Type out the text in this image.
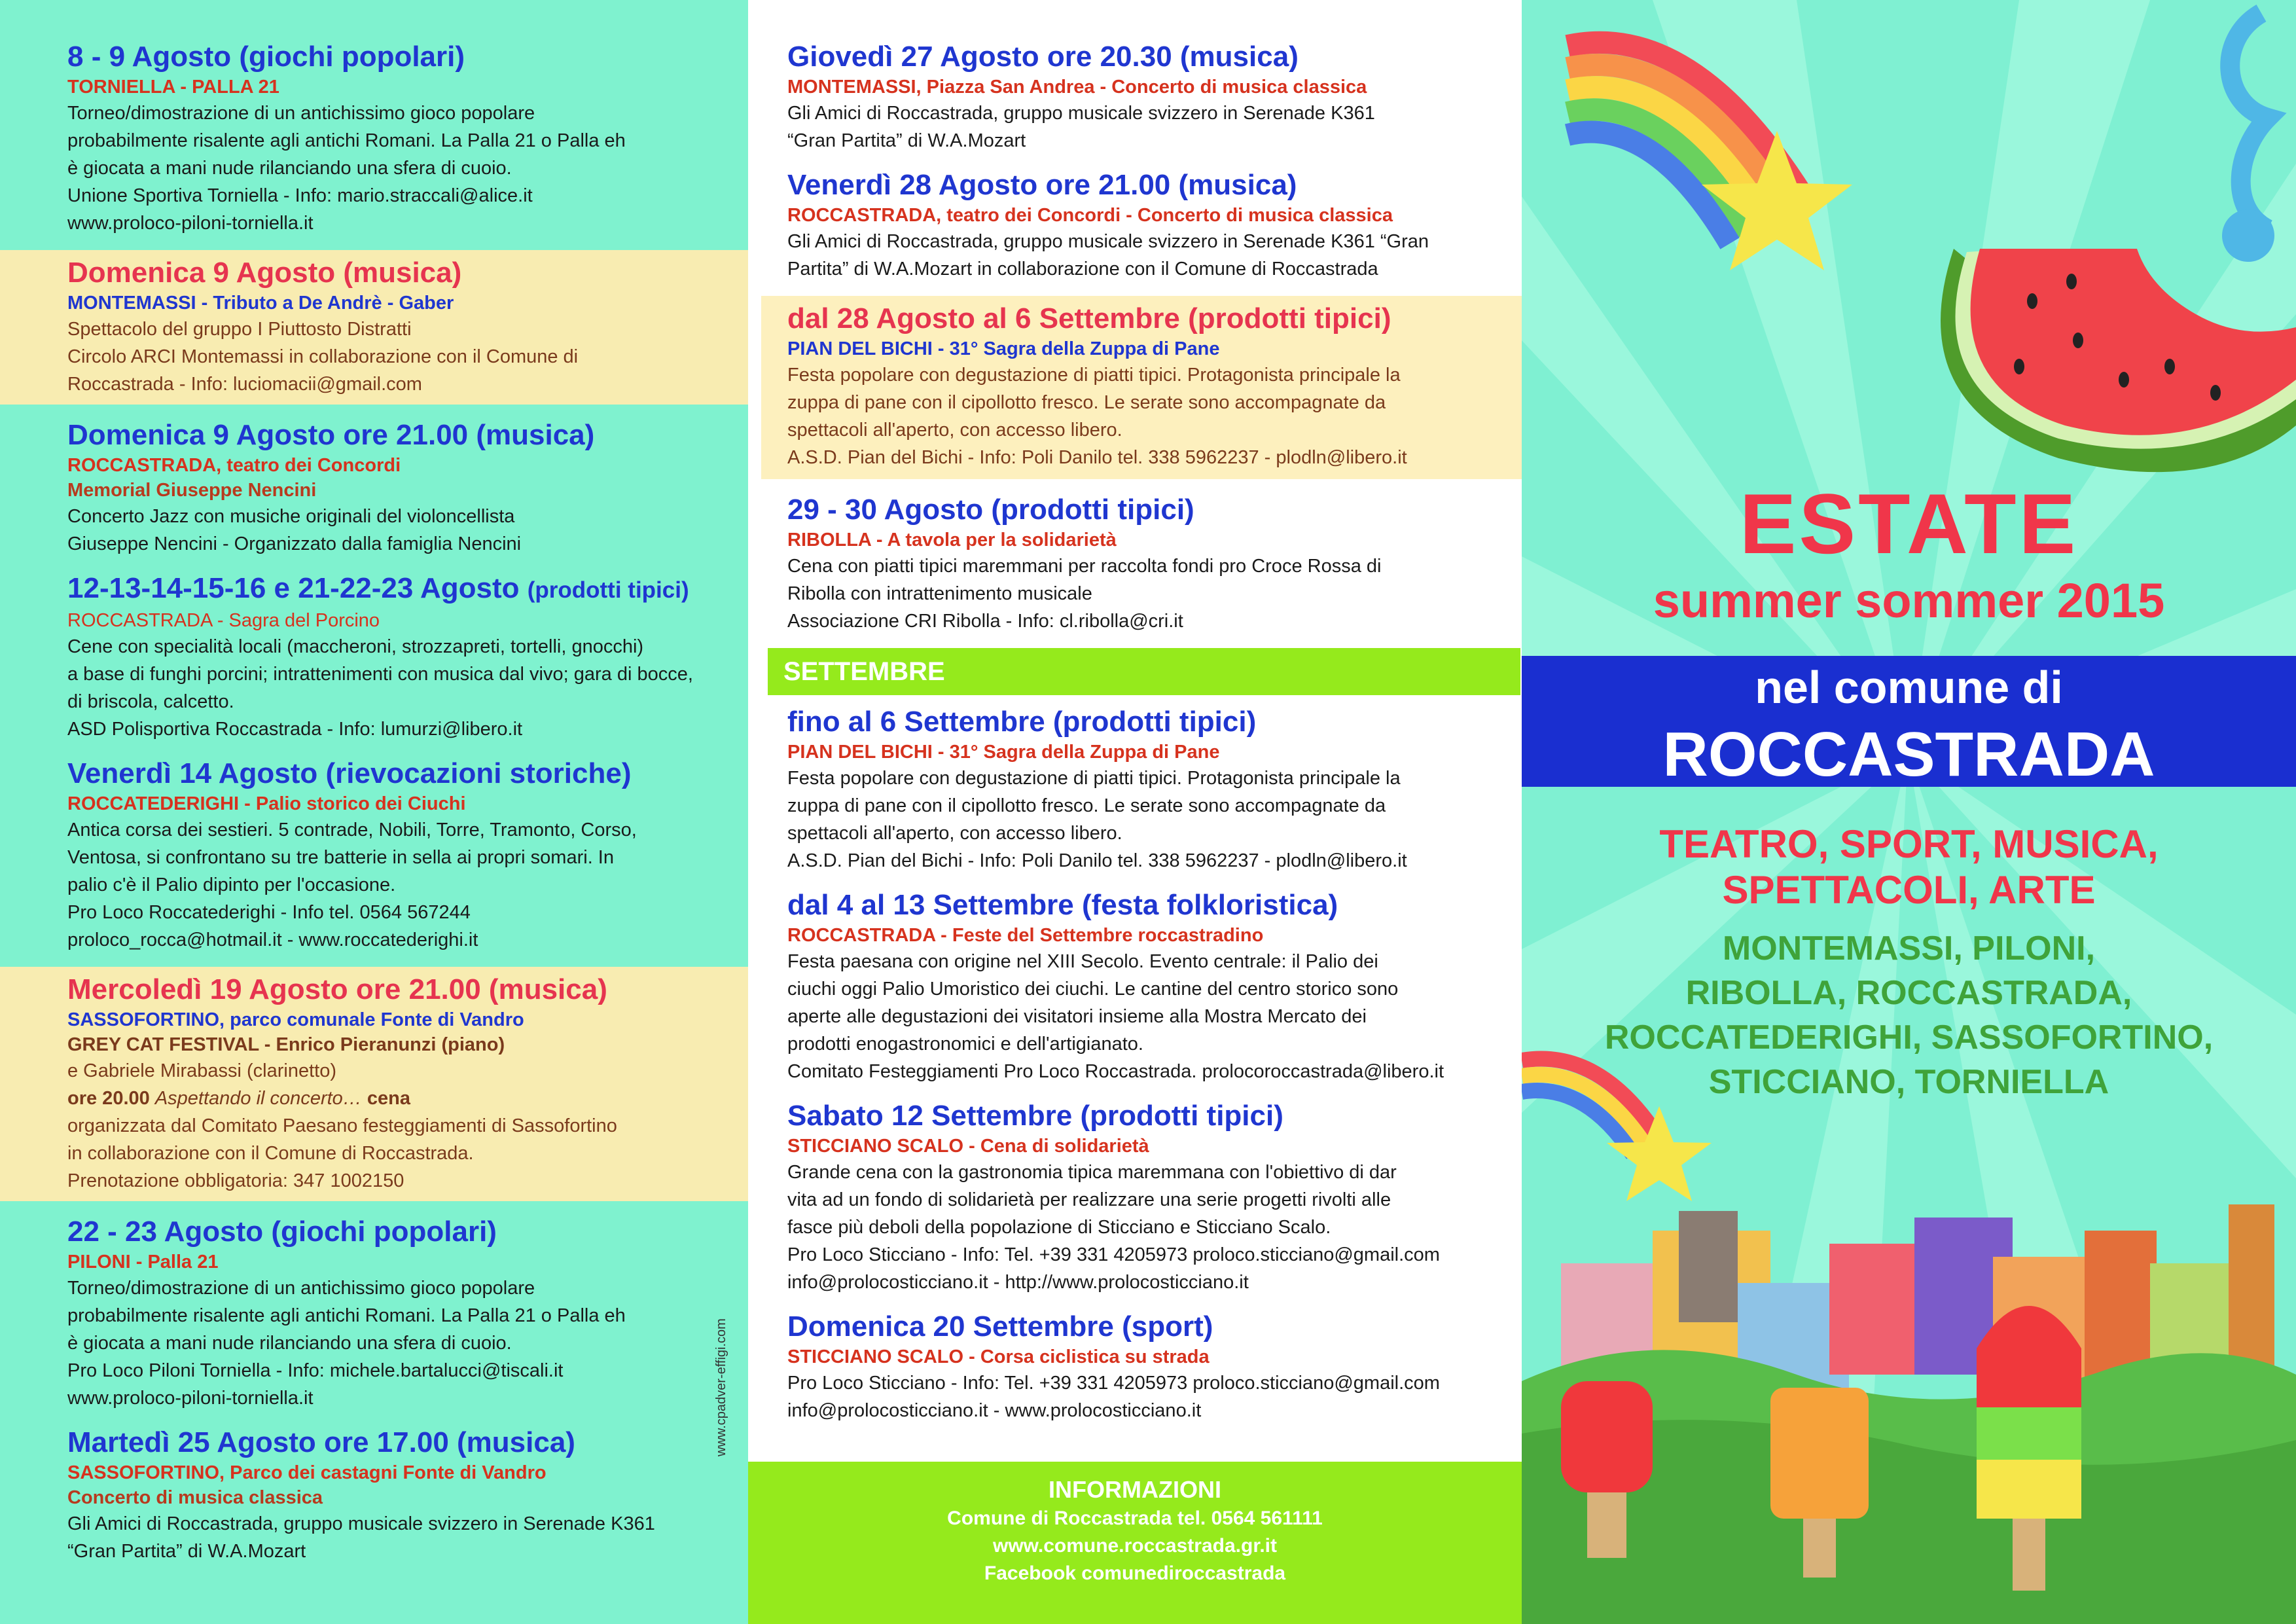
8 - 9 Agosto (giochi popolari)
TORNIELLA - PALLA 21
Torneo/dimostrazione di un antichissimo gioco popolare
probabilmente risalente agli antichi Romani. La Palla 21 o Palla eh
è giocata a mani nude rilanciando una sfera di cuoio.
Unione Sportiva Torniella - Info: mario.straccali@alice.it
www.proloco-piloni-torniella.it
Domenica 9 Agosto (musica)
MONTEMASSI - Tributo a De Andrè - Gaber
Spettacolo del gruppo I Piuttosto Distratti
Circolo ARCI Montemassi in collaborazione con il Comune di
Roccastrada - Info: luciomacii@gmail.com
Domenica 9 Agosto ore 21.00 (musica)
ROCCASTRADA, teatro dei Concordi
Memorial Giuseppe Nencini
Concerto Jazz con musiche originali del violoncellista
Giuseppe Nencini - Organizzato dalla famiglia Nencini
12-13-14-15-16 e 21-22-23 Agosto (prodotti tipici)
ROCCASTRADA - Sagra del Porcino
Cene con specialità locali (maccheroni, strozzapreti, tortelli, gnocchi)
a base di funghi porcini; intrattenimenti con musica dal vivo; gara di bocce,
di briscola, calcetto.
ASD Polisportiva Roccastrada - Info: lumurzi@libero.it
Venerdì 14 Agosto (rievocazioni storiche)
ROCCATEDERIGHI - Palio storico dei Ciuchi
Antica corsa dei sestieri. 5 contrade, Nobili, Torre, Tramonto, Corso,
Ventosa, si confrontano su tre batterie in sella ai propri somari. In
palio c'è il Palio dipinto per l'occasione.
Pro Loco Roccatederighi - Info tel. 0564 567244
proloco_rocca@hotmail.it - www.roccatederighi.it
Mercoledì 19 Agosto ore 21.00 (musica)
SASSOFORTINO, parco comunale Fonte di Vandro
GREY CAT FESTIVAL - Enrico Pieranunzi (piano)
e Gabriele Mirabassi (clarinetto)
ore 20.00 Aspettando il concerto… cena
organizzata dal Comitato Paesano festeggiamenti di Sassofortino
in collaborazione con il Comune di Roccastrada.
Prenotazione obbligatoria: 347 1002150
22 - 23 Agosto (giochi popolari)
PILONI - Palla 21
Torneo/dimostrazione di un antichissimo gioco popolare
probabilmente risalente agli antichi Romani. La Palla 21 o Palla eh
è giocata a mani nude rilanciando una sfera di cuoio.
Pro Loco Piloni Torniella - Info: michele.bartalucci@tiscali.it
www.proloco-piloni-torniella.it
Martedì 25 Agosto ore 17.00 (musica)
SASSOFORTINO, Parco dei castagni Fonte di Vandro
Concerto di musica classica
Gli Amici di Roccastrada, gruppo musicale svizzero in Serenade K361
“Gran Partita” di W.A.Mozart
www.cpadver-effigi.com
Giovedì 27 Agosto ore 20.30 (musica)
MONTEMASSI, Piazza San Andrea - Concerto di musica classica
Gli Amici di Roccastrada, gruppo musicale svizzero in Serenade K361
“Gran Partita” di W.A.Mozart
Venerdì 28 Agosto ore 21.00 (musica)
ROCCASTRADA, teatro dei Concordi - Concerto di musica classica
Gli Amici di Roccastrada, gruppo musicale svizzero in Serenade K361 “Gran
Partita” di W.A.Mozart in collaborazione con il Comune di Roccastrada
dal 28 Agosto al 6 Settembre (prodotti tipici)
PIAN DEL BICHI - 31° Sagra della Zuppa di Pane
Festa popolare con degustazione di piatti tipici. Protagonista principale la
zuppa di pane con il cipollotto fresco. Le serate sono accompagnate da
spettacoli all'aperto, con accesso libero.
A.S.D. Pian del Bichi - Info: Poli Danilo tel. 338 5962237 - plodln@libero.it
29 - 30 Agosto (prodotti tipici)
RIBOLLA - A tavola per la solidarietà
Cena con piatti tipici maremmani per raccolta fondi pro Croce Rossa di
Ribolla con intrattenimento musicale
Associazione CRI Ribolla - Info: cl.ribolla@cri.it
SETTEMBRE
fino al 6 Settembre (prodotti tipici)
PIAN DEL BICHI - 31° Sagra della Zuppa di Pane
Festa popolare con degustazione di piatti tipici. Protagonista principale la
zuppa di pane con il cipollotto fresco. Le serate sono accompagnate da
spettacoli all'aperto, con accesso libero.
A.S.D. Pian del Bichi - Info: Poli Danilo tel. 338 5962237 - plodln@libero.it
dal 4 al 13 Settembre (festa folkloristica)
ROCCASTRADA - Feste del Settembre roccastradino
Festa paesana con origine nel XIII Secolo. Evento centrale: il Palio dei
ciuchi oggi Palio Umoristico dei ciuchi. Le cantine del centro storico sono
aperte alle degustazioni dei visitatori insieme alla Mostra Mercato dei
prodotti enogastronomici e dell'artigianato.
Comitato Festeggiamenti Pro Loco Roccastrada. prolocoroccastrada@libero.it
Sabato 12 Settembre (prodotti tipici)
STICCIANO SCALO - Cena di solidarietà
Grande cena con la gastronomia tipica maremmana con l'obiettivo di dar
vita ad un fondo di solidarietà per realizzare una serie progetti rivolti alle
fasce più deboli della popolazione di Sticciano e Sticciano Scalo.
Pro Loco Sticciano - Info: Tel. +39 331 4205973 proloco.sticciano@gmail.com
info@prolocosticciano.it - http://www.prolocosticciano.it
Domenica 20 Settembre (sport)
STICCIANO SCALO - Corsa ciclistica su strada
Pro Loco Sticciano - Info: Tel. +39 331 4205973 proloco.sticciano@gmail.com
info@prolocosticciano.it - www.prolocosticciano.it
INFORMAZIONI
Comune di Roccastrada tel. 0564 561111
www.comune.roccastrada.gr.it
Facebook comunediroccastrada
ESTATE
summer sommer 2015
nel comune di
ROCCASTRADA
TEATRO, SPORT, MUSICA,
SPETTACOLI, ARTE
MONTEMASSI, PILONI,
RIBOLLA, ROCCASTRADA,
ROCCATEDERIGHI, SASSOFORTINO,
STICCIANO, TORNIELLA
